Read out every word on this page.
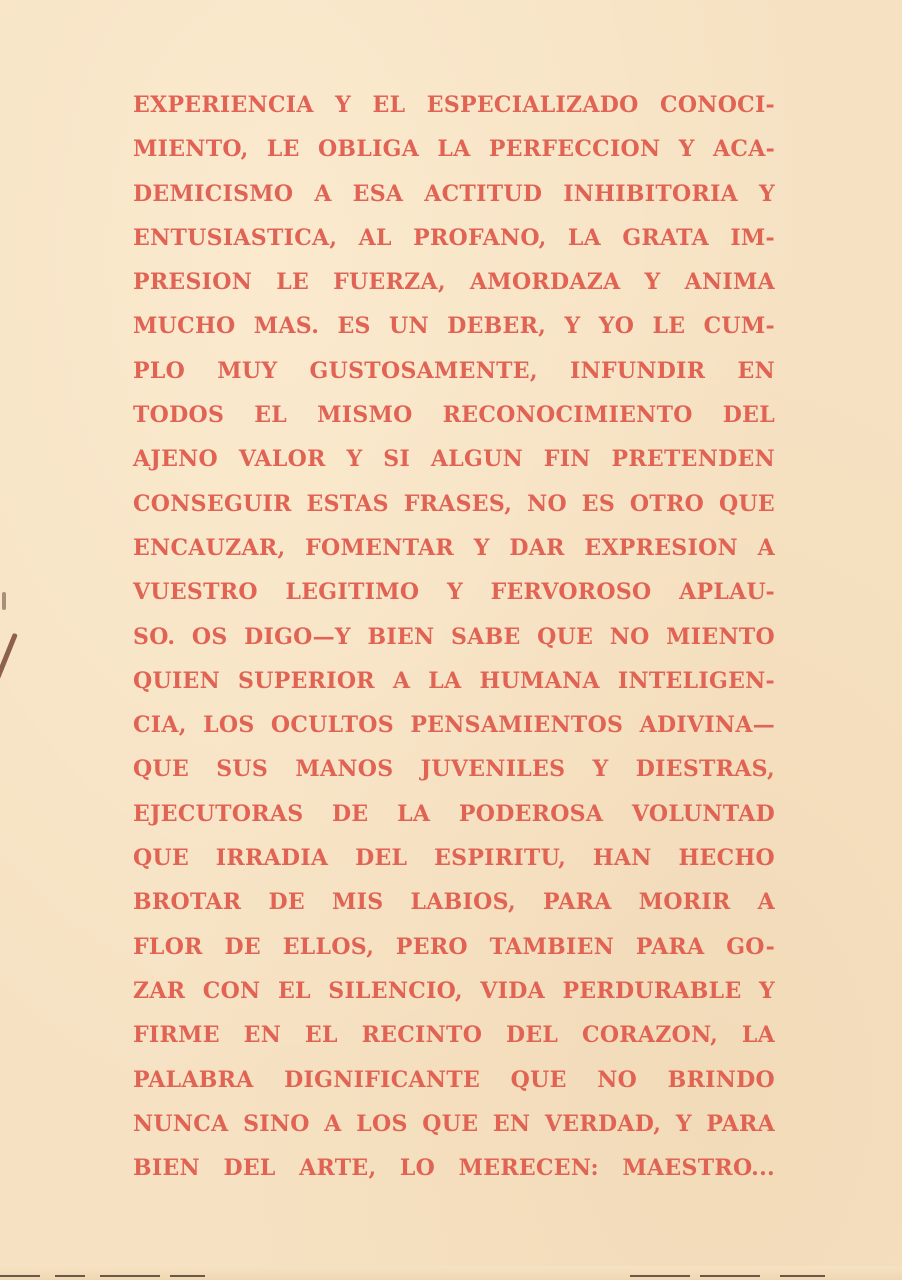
EXPERIENCIA Y EL ESPECIALIZADO CONOCI-
MIENTO, LE OBLIGA LA PERFECCION Y ACA-
DEMICISMO A ESA ACTITUD INHIBITORIA Y
ENTUSIASTICA, AL PROFANO, LA GRATA IM-
PRESION LE FUERZA, AMORDAZA Y ANIMA
MUCHO MAS. ES UN DEBER, Y YO LE CUM-
PLO MUY GUSTOSAMENTE, INFUNDIR EN
TODOS EL MISMO RECONOCIMIENTO DEL
AJENO VALOR Y SI ALGUN FIN PRETENDEN
CONSEGUIR ESTAS FRASES, NO ES OTRO QUE
ENCAUZAR, FOMENTAR Y DAR EXPRESION A
VUESTRO LEGITIMO Y FERVOROSO APLAU-
SO. OS DIGO—Y BIEN SABE QUE NO MIENTO
QUIEN SUPERIOR A LA HUMANA INTELIGEN-
CIA, LOS OCULTOS PENSAMIENTOS ADIVINA—
QUE SUS MANOS JUVENILES Y DIESTRAS,
EJECUTORAS DE LA PODEROSA VOLUNTAD
QUE IRRADIA DEL ESPIRITU, HAN HECHO
BROTAR DE MIS LABIOS, PARA MORIR A
FLOR DE ELLOS, PERO TAMBIEN PARA GO-
ZAR CON EL SILENCIO, VIDA PERDURABLE Y
FIRME EN EL RECINTO DEL CORAZON, LA
PALABRA DIGNIFICANTE QUE NO BRINDO
NUNCA SINO A LOS QUE EN VERDAD, Y PARA
BIEN DEL ARTE, LO MERECEN: MAESTRO...
